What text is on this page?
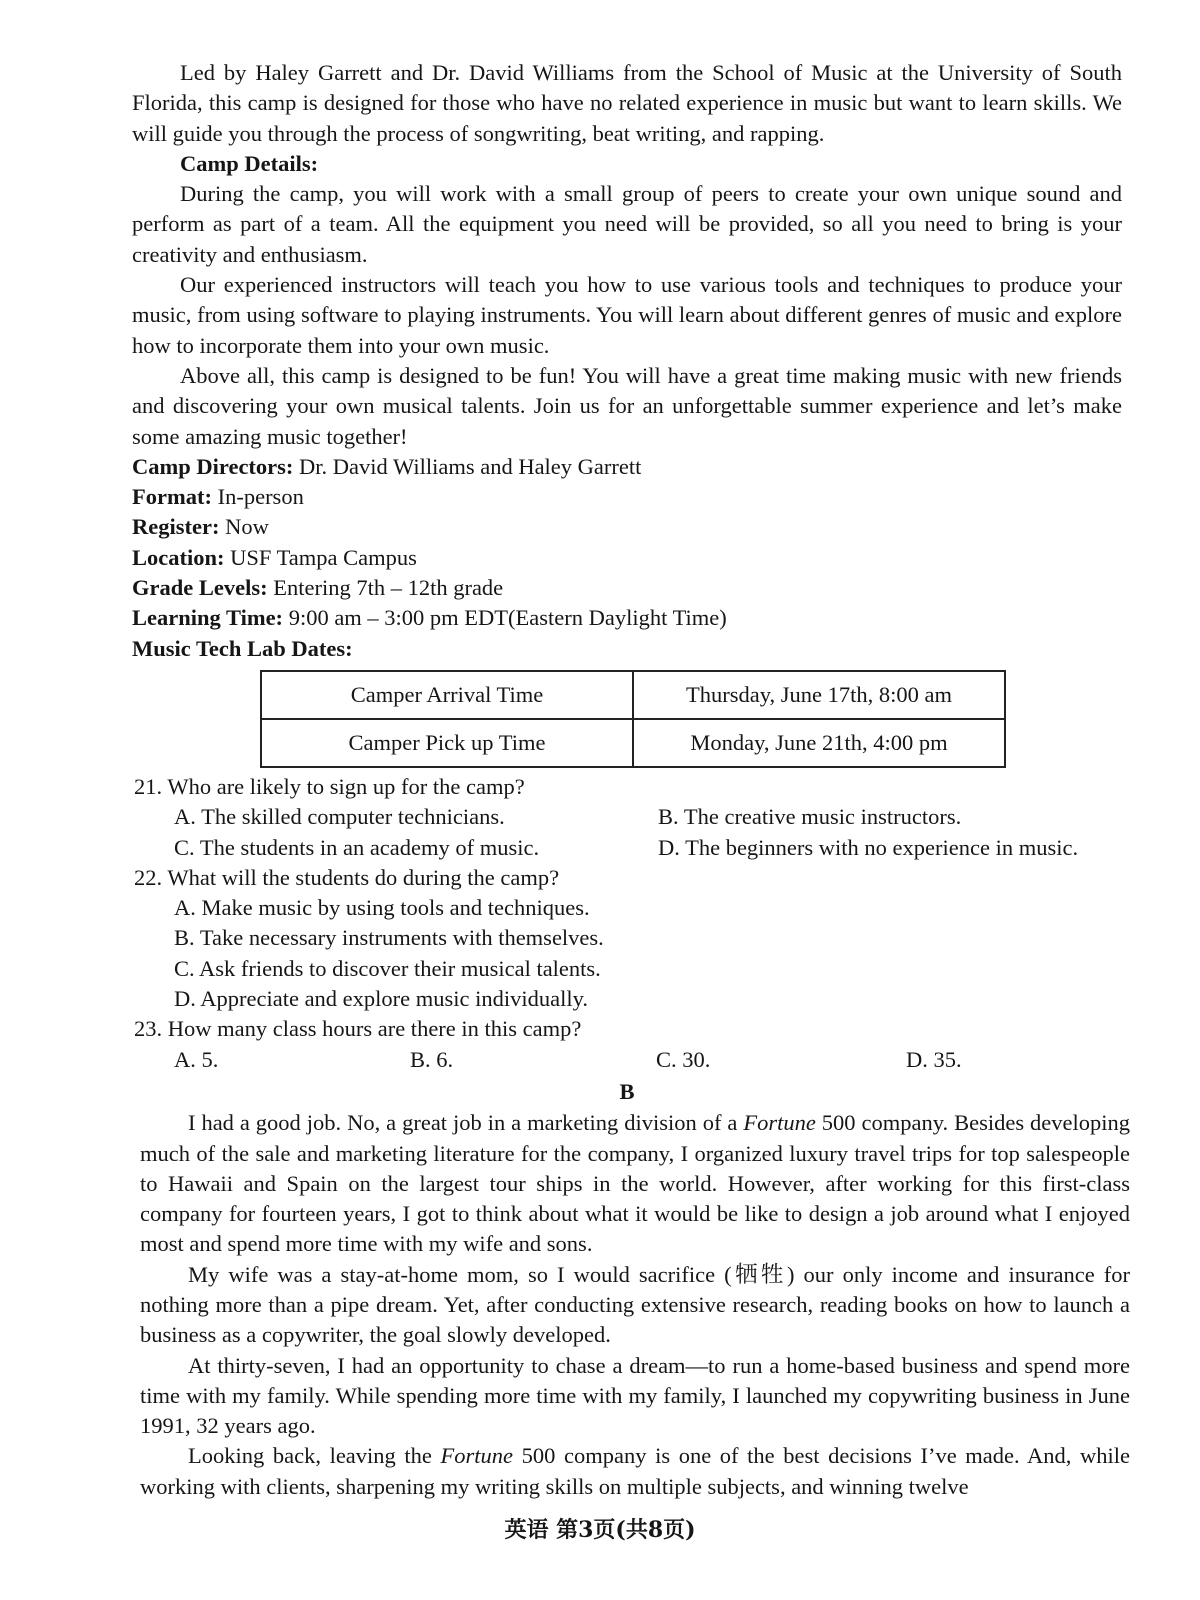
Led by Haley Garrett and Dr. David Williams from the School of Music at the University of South Florida, this camp is designed for those who have no related experience in music but want to learn skills. We will guide you through the process of songwriting, beat writing, and rapping.

Camp Details:

During the camp, you will work with a small group of peers to create your own unique sound and perform as part of a team. All the equipment you need will be provided, so all you need to bring is your creativity and enthusiasm.

Our experienced instructors will teach you how to use various tools and techniques to produce your music, from using software to playing instruments. You will learn about different genres of music and explore how to incorporate them into your own music.

Above all, this camp is designed to be fun! You will have a great time making music with new friends and discovering your own musical talents. Join us for an unforgettable summer experience and let’s make some amazing music together!

Camp Directors: Dr. David Williams and Haley Garrett

Format: In-person

Register: Now

Location: USF Tampa Campus

Grade Levels: Entering 7th – 12th grade

Learning Time: 9:00 am – 3:00 pm EDT(Eastern Daylight Time)

Music Tech Lab Dates:

Camper Arrival Time	Thursday, June 17th, 8:00 am
Camper Pick up Time	Monday, June 21th, 4:00 pm

21. Who are likely to sign up for the camp?

A. The skilled computer technicians.	B. The creative music instructors.
C. The students in an academy of music.	D. The beginners with no experience in music.

22. What will the students do during the camp?

A. Make music by using tools and techniques.
B. Take necessary instruments with themselves.
C. Ask friends to discover their musical talents.
D. Appreciate and explore music individually.

23. How many class hours are there in this camp?

A. 5.	B. 6.	C. 30.	D. 35.

B

I had a good job. No, a great job in a marketing division of a Fortune 500 company. Besides developing much of the sale and marketing literature for the company, I organized luxury travel trips for top salespeople to Hawaii and Spain on the largest tour ships in the world. However, after working for this first-class company for fourteen years, I got to think about what it would be like to design a job around what I enjoyed most and spend more time with my wife and sons.

My wife was a stay-at-home mom, so I would sacrifice (牺牲) our only income and insurance for nothing more than a pipe dream. Yet, after conducting extensive research, reading books on how to launch a business as a copywriter, the goal slowly developed.

At thirty-seven, I had an opportunity to chase a dream—to run a home-based business and spend more time with my family. While spending more time with my family, I launched my copywriting business in June 1991, 32 years ago.

Looking back, leaving the Fortune 500 company is one of the best decisions I’ve made. And, while working with clients, sharpening my writing skills on multiple subjects, and winning twelve

英语 第3页(共8页)
